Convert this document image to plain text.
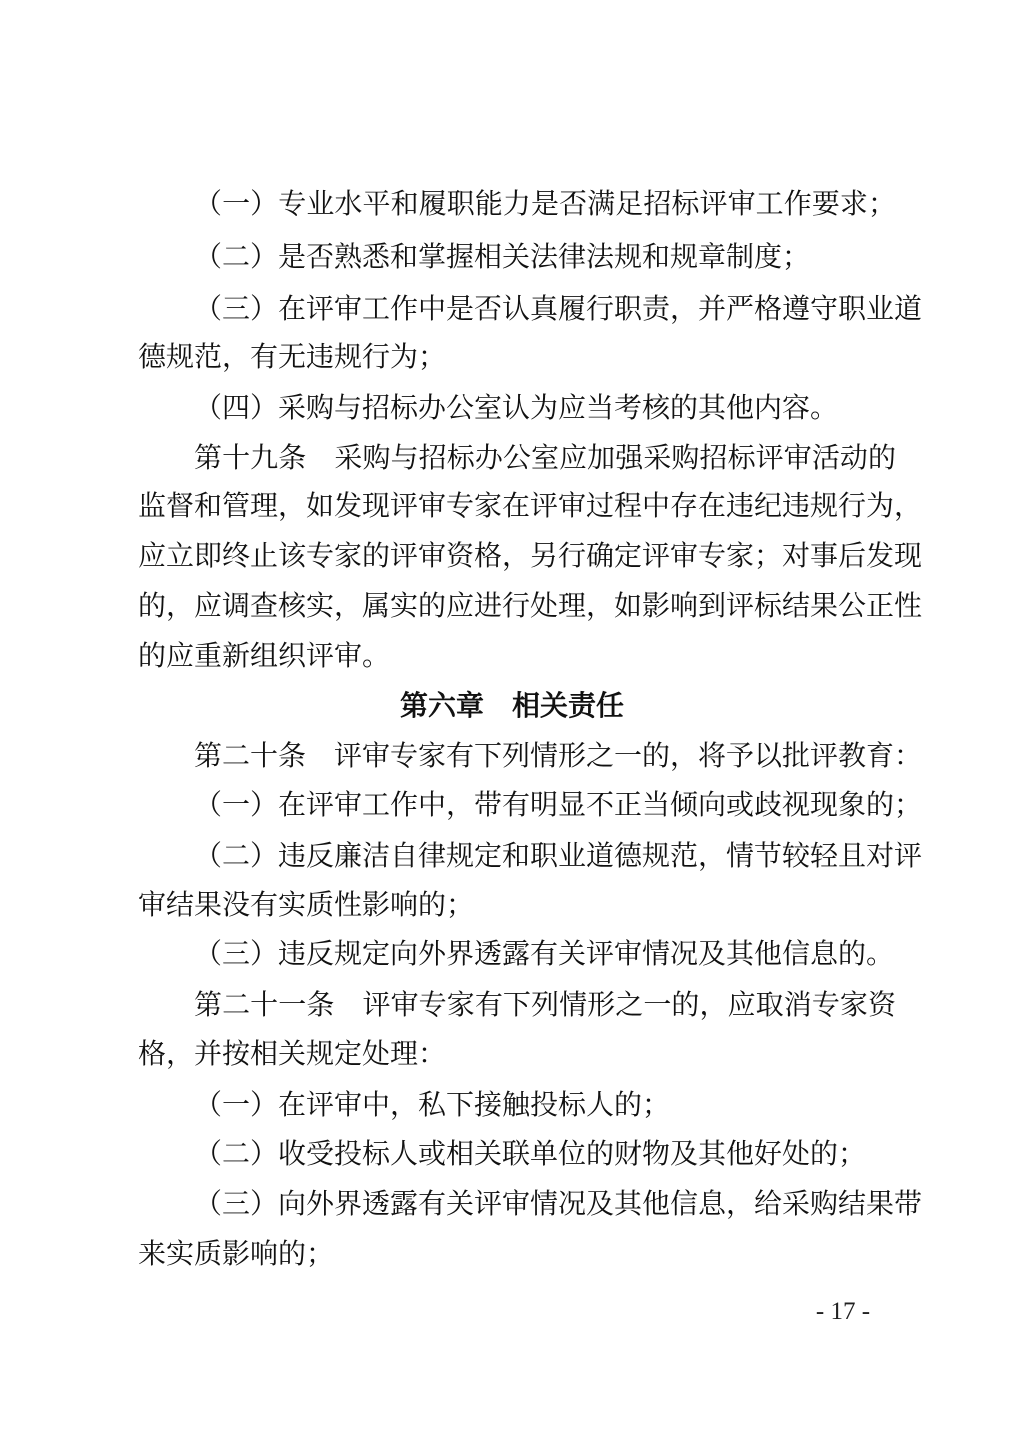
（一）专业水平和履职能力是否满足招标评审工作要求；
（二）是否熟悉和掌握相关法律法规和规章制度；
（三）在评审工作中是否认真履行职责，并严格遵守职业道
德规范，有无违规行为；
（四）采购与招标办公室认为应当考核的其他内容。
第十九条　采购与招标办公室应加强采购招标评审活动的
监督和管理，如发现评审专家在评审过程中存在违纪违规行为，
应立即终止该专家的评审资格，另行确定评审专家；对事后发现
的，应调查核实，属实的应进行处理，如影响到评标结果公正性
的应重新组织评审。
第六章　相关责任
第二十条　评审专家有下列情形之一的，将予以批评教育：
（一）在评审工作中，带有明显不正当倾向或歧视现象的；
（二）违反廉洁自律规定和职业道德规范，情节较轻且对评
审结果没有实质性影响的；
（三）违反规定向外界透露有关评审情况及其他信息的。
第二十一条　评审专家有下列情形之一的，应取消专家资
格，并按相关规定处理：
（一）在评审中，私下接触投标人的；
（二）收受投标人或相关联单位的财物及其他好处的；
（三）向外界透露有关评审情况及其他信息，给采购结果带
来实质影响的；
- 17 -
